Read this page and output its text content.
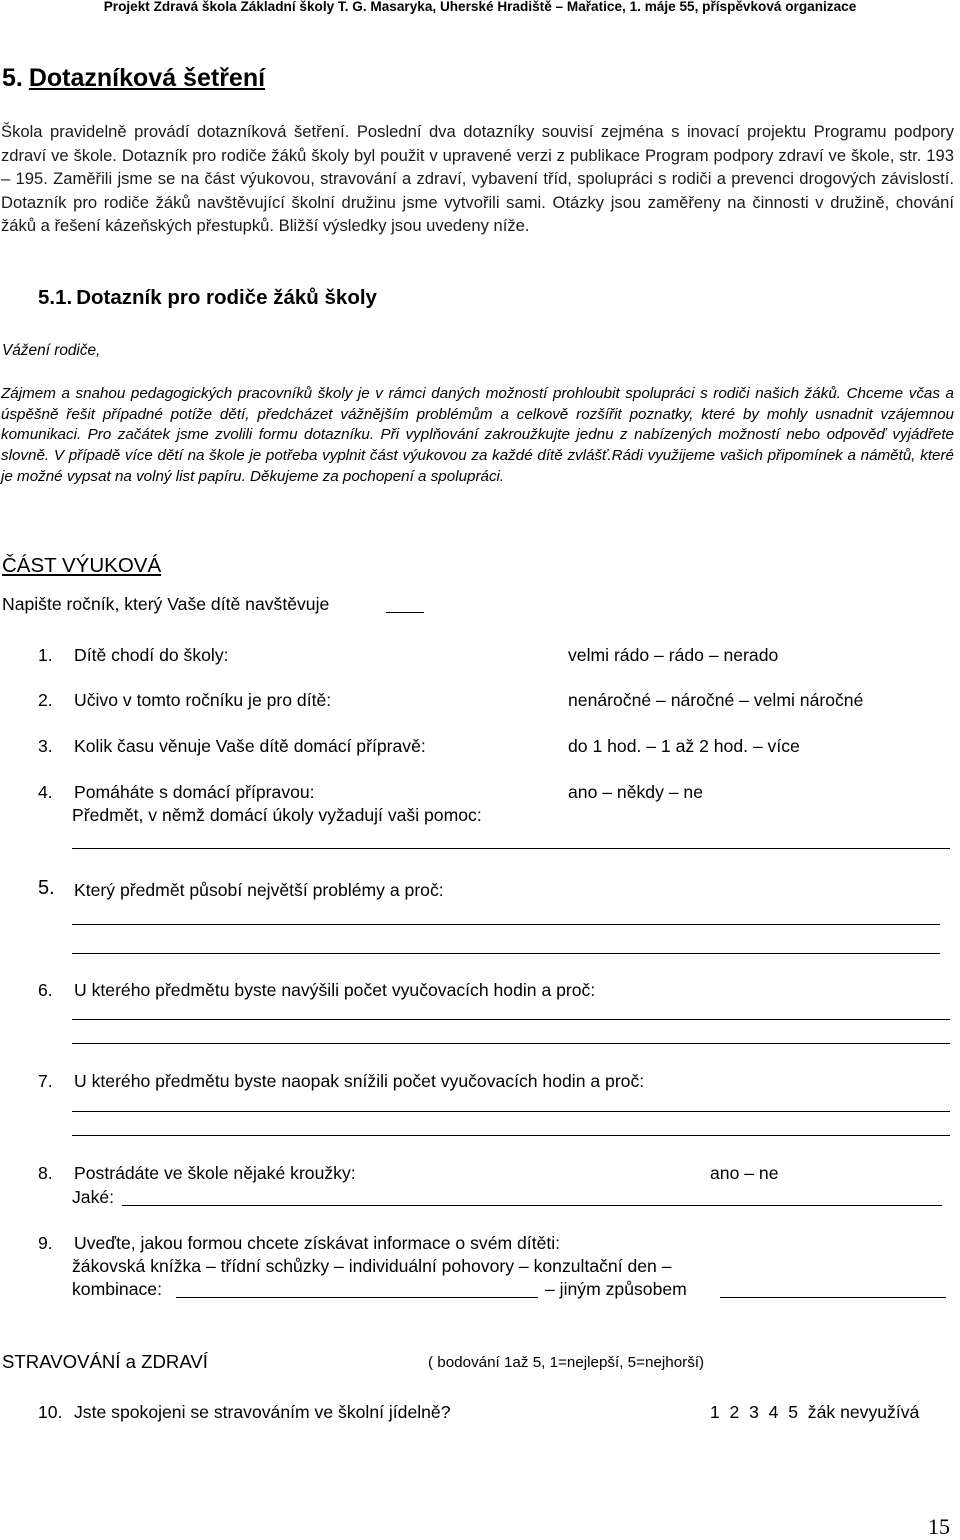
Projekt Zdravá škola Základní školy T. G. Masaryka, Uherské Hradiště – Mařatice, 1. máje 55, příspěvková organizace
5. Dotazníková šetření
Škola pravidelně provádí dotazníková šetření. Poslední dva dotazníky souvisí zejména s inovací projektu Programu podpory zdraví ve škole. Dotazník pro rodiče žáků školy byl použit v upravené verzi z publikace Program podpory zdraví ve škole, str. 193 – 195. Zaměřili jsme se na část výukovou, stravování a zdraví, vybavení tříd, spolupráci s rodiči a prevenci drogových závislostí. Dotazník pro rodiče žáků navštěvující školní družinu jsme vytvořili sami. Otázky jsou zaměřeny na činnosti v družině, chování žáků a řešení kázeňských přestupků. Bližší výsledky jsou uvedeny níže.
5.1. Dotazník pro rodiče žáků školy
Vážení rodiče,
Zájmem a snahou pedagogických pracovníků školy je v rámci daných možností prohloubit spolupráci s rodiči našich žáků. Chceme včas a úspěšně řešit případné potíže dětí, předcházet vážnějším problémům a celkově rozšířit poznatky, které by mohly usnadnit vzájemnou komunikaci. Pro začátek jsme zvolili formu dotazníku. Při vyplňování zakroužkujte jednu z nabízených možností nebo odpověď vyjádřete slovně. V případě více dětí na škole je potřeba vyplnit část výukovou za každé dítě zvlášť.Rádi využijeme vašich připomínek a námětů, které je možné vypsat na volný list papíru. Děkujeme za pochopení a spolupráci.
ČÁST VÝUKOVÁ
Napište ročník, který Vaše dítě navštěvuje
1. Dítě chodí do školy:	velmi rádo – rádo – nerado
2. Učivo v tomto ročníku je pro dítě:	nenáročné – náročné – velmi náročné
3. Kolik času věnuje Vaše dítě domácí přípravě:	do 1 hod. – 1 až 2 hod. – více
4. Pomáháte s domácí přípravou:	ano – někdy – ne
Předmět, v němž domácí úkoly vyžadují vaši pomoc:
5. Který předmět působí největší problémy a proč:
6. U kterého předmětu byste navýšili počet vyučovacích hodin a proč:
7. U kterého předmětu byste naopak snížili počet vyučovacích hodin a proč:
8. Postrádáte ve škole nějaké kroužky:	ano – ne
Jaké:
9. Uveďte, jakou formou chcete získávat informace o svém dítěti:
žákovská knížka – třídní schůzky – individuální pohovory – konzultační den –
kombinace:	– jiným způsobem
STRAVOVÁNÍ a ZDRAVÍ	( bodování 1až 5, 1=nejlepší, 5=nejhorší)
10. Jste spokojeni se stravováním ve školní jídelně?	1  2  3  4  5  žák nevyužívá
15
